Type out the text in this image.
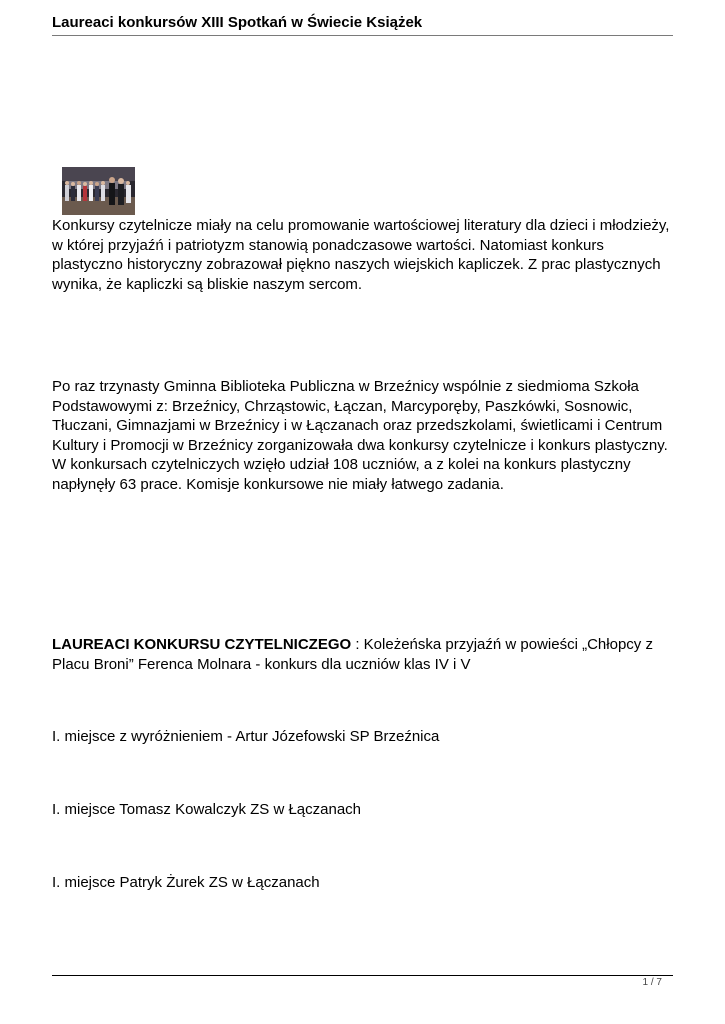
Laureaci konkursów XIII Spotkań w Świecie Książek

Konkursy czytelnicze miały na celu promowanie wartościowej literatury dla dzieci i młodzieży, w której przyjaźń i patriotyzm stanowią ponadczasowe wartości. Natomiast konkurs plastyczno historyczny zobrazował piękno naszych wiejskich kapliczek. Z prac plastycznych wynika, że kapliczki są bliskie naszym sercom.

Po raz trzynasty Gminna Biblioteka Publiczna w Brzeźnicy wspólnie z siedmioma Szkoła Podstawowymi z: Brzeźnicy, Chrząstowic, Łączan, Marcyporęby, Paszkówki, Sosnowic, Tłuczani, Gimnazjami w Brzeźnicy i w Łączanach oraz przedszkolami, świetlicami i Centrum Kultury i Promocji w Brzeźnicy zorganizowała dwa konkursy czytelnicze i konkurs plastyczny. W konkursach czytelniczych wzięło udział 108 uczniów, a z kolei na konkurs plastyczny napłynęły 63 prace. Komisje konkursowe nie miały łatwego zadania.

LAUREACI KONKURSU CZYTELNICZEGO : Koleżeńska przyjaźń w powieści „Chłopcy z Placu Broni” Ferenca Molnara - konkurs dla uczniów klas IV i V

I. miejsce z wyróżnieniem - Artur Józefowski SP Brzeźnica

I. miejsce Tomasz Kowalczyk ZS w Łączanach

I. miejsce Patryk Żurek ZS w Łączanach

1 / 7
